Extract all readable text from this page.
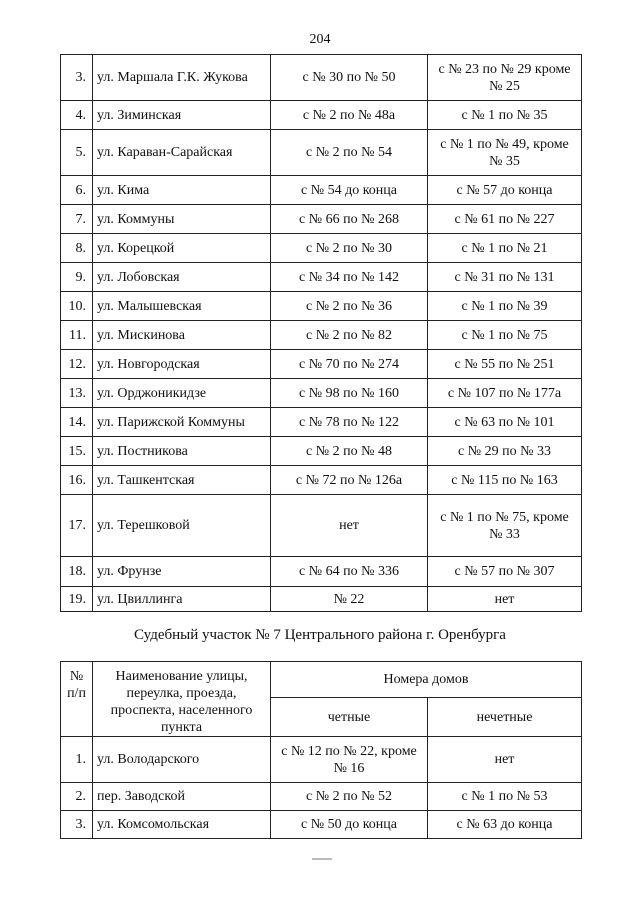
204
3.	ул. Маршала Г.К. Жукова	с № 30 по № 50	с № 23 по № 29 кроме № 25
4.	ул. Зиминская	с № 2 по № 48а	с № 1 по № 35
5.	ул. Караван-Сарайская	с № 2 по № 54	с № 1 по № 49, кроме № 35
6.	ул. Кима	с № 54 до конца	с № 57 до конца
7.	ул. Коммуны	с № 66 по № 268	с № 61 по № 227
8.	ул. Корецкой	с № 2 по № 30	с № 1 по № 21
9.	ул. Лобовская	с № 34 по № 142	с № 31 по № 131
10.	ул. Малышевская	с № 2 по № 36	с № 1 по № 39
11.	ул. Мискинова	с № 2 по № 82	с № 1 по № 75
12.	ул. Новгородская	с № 70 по № 274	с № 55 по № 251
13.	ул. Орджоникидзе	с № 98 по № 160	с № 107 по № 177а
14.	ул. Парижской Коммуны	с № 78 по № 122	с № 63 по № 101
15.	ул. Постникова	с № 2 по № 48	с № 29 по № 33
16.	ул. Ташкентская	с № 72 по № 126а	с № 115 по № 163
17.	ул. Терешковой	нет	с № 1 по № 75, кроме № 33
18.	ул. Фрунзе	с № 64 по № 336	с № 57 по № 307
19.	ул. Цвиллинга	№ 22	нет
Судебный участок № 7 Центрального района г. Оренбурга
№ п/п	Наименование улицы, переулка, проезда, проспекта, населенного пункта	Номера домов	
		четные	нечетные
1.	ул. Володарского	с № 12 по № 22, кроме № 16	нет
2.	пер. Заводской	с № 2 по № 52	с № 1 по № 53
3.	ул. Комсомольская	с № 50 до конца	с № 63 до конца
